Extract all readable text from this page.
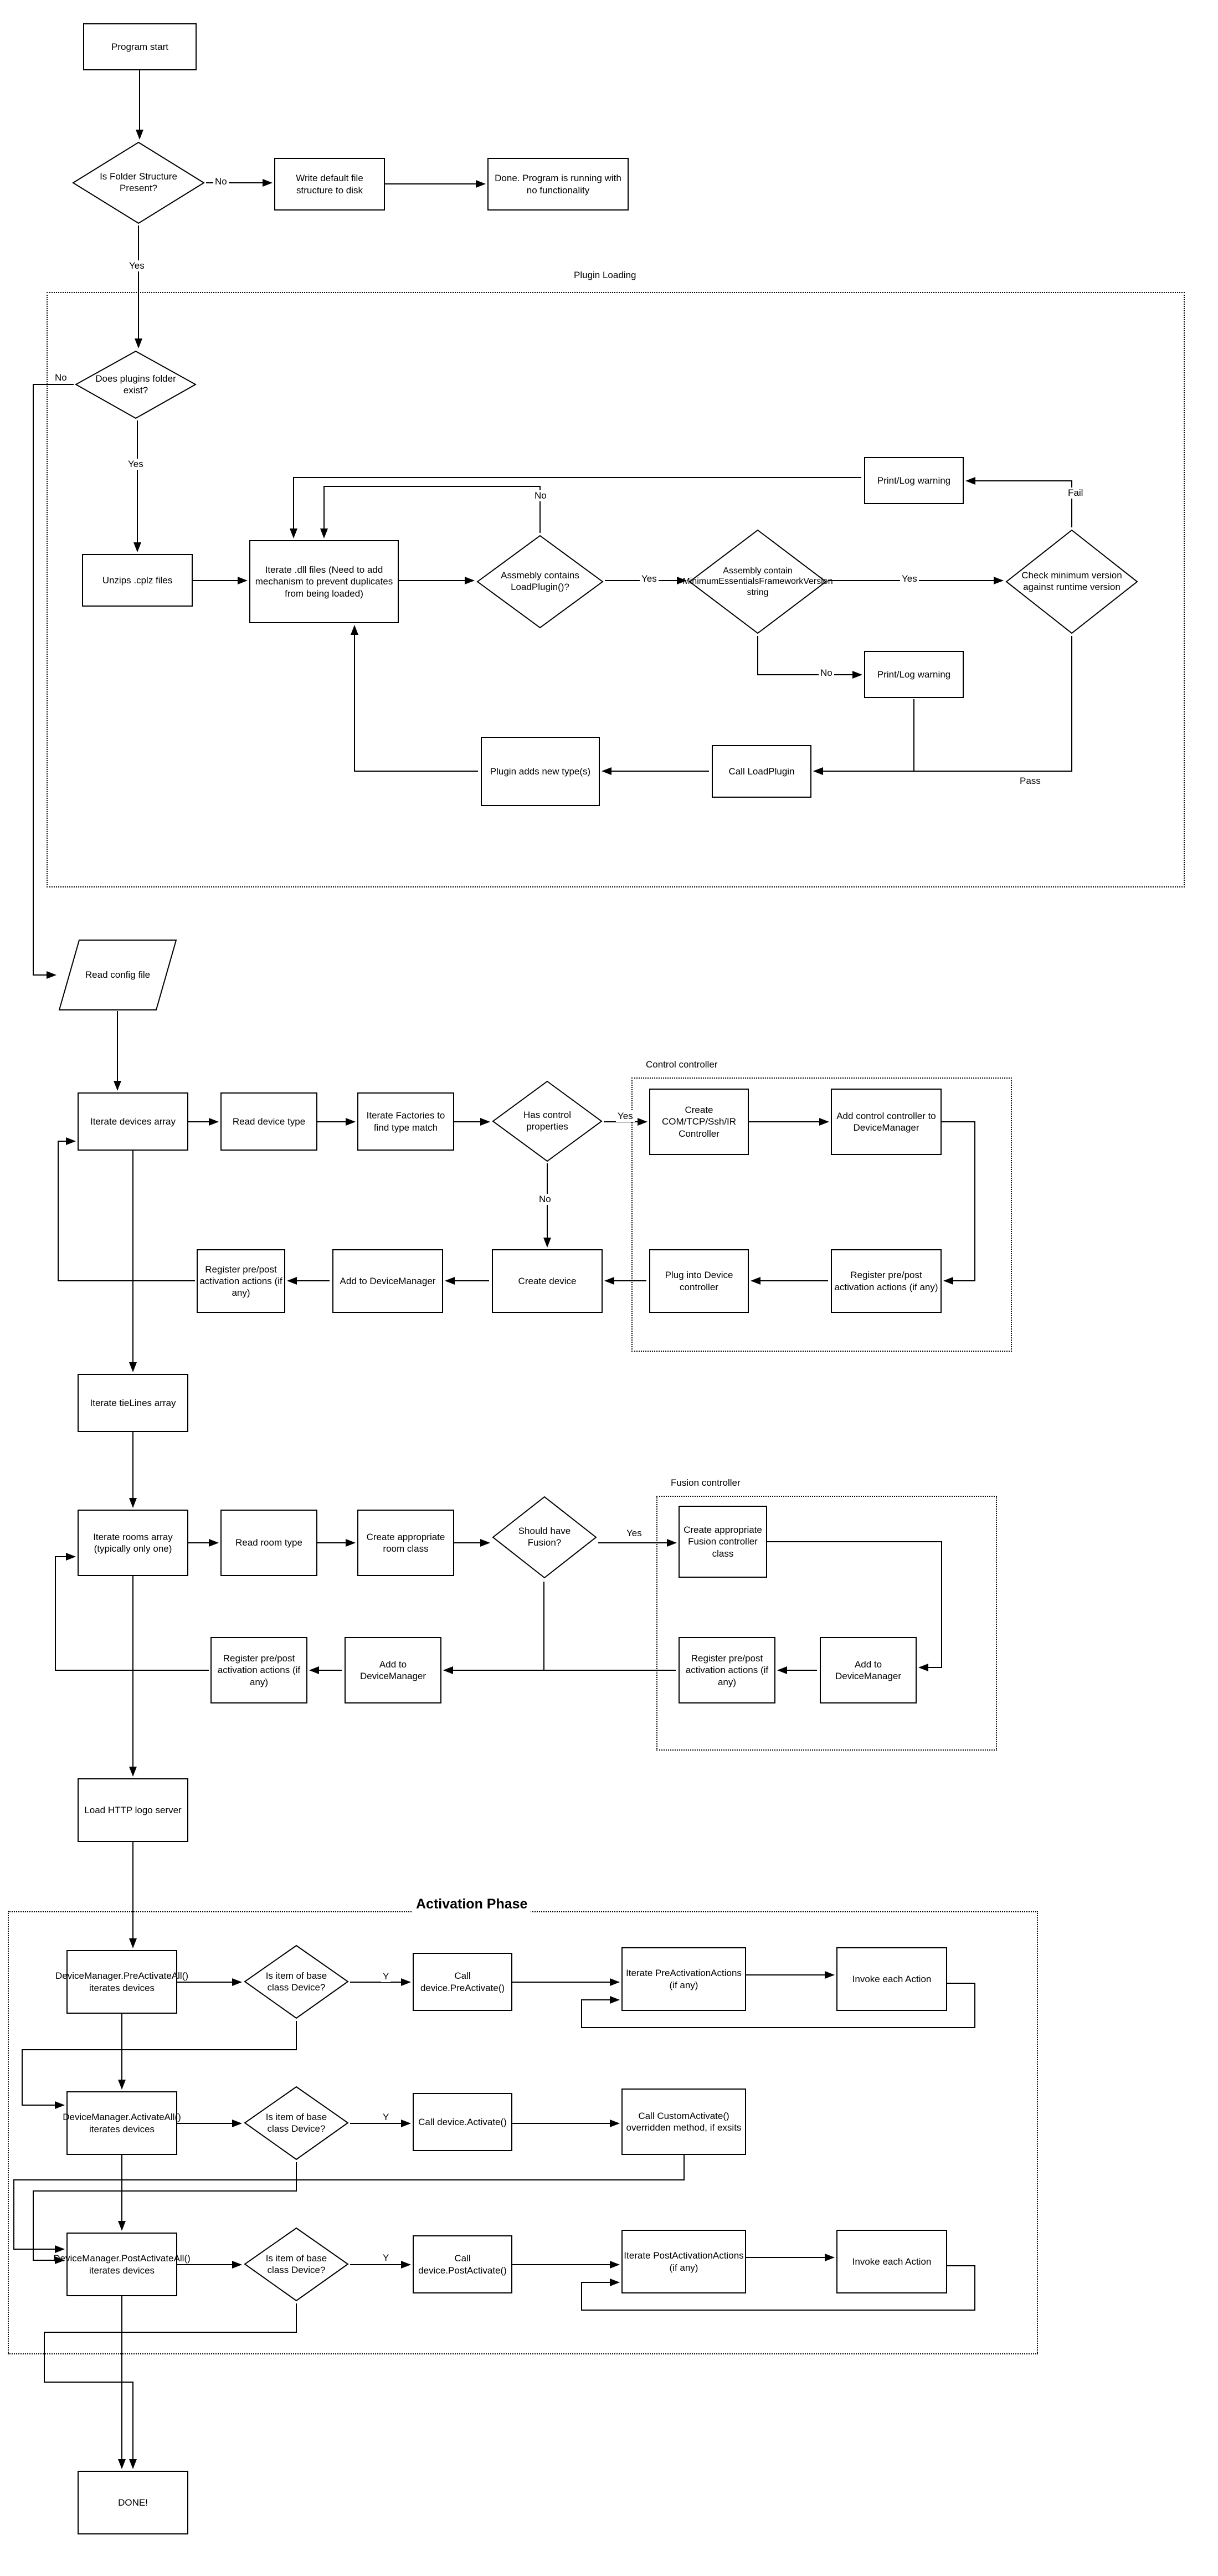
Plugin Loading
Control controller
Fusion controller
Activation Phase
Program start
Write default file structure to disk
Done. Program is running with no functionality
Unzips .cplz files
Iterate .dll files (Need to add mechanism to prevent duplicates from being loaded)
Print/Log warning
Print/Log warning
Call LoadPlugin
Plugin adds new type(s)
Read config file
Iterate devices array	Read device type
Iterate Factories to find type match
Create COM/TCP/Ssh/IR Controller
Add control controller to DeviceManager
Plug into Device controller
Register pre/post activation actions (if any)
Create device
Add to DeviceManager
Register pre/post activation actions (if any)
Iterate tieLines array
Iterate rooms array (typically only one)
Read room type
Create appropriate room class
Create appropriate Fusion controller class
Add to DeviceManager
Register pre/post activation actions (if any)
Add to DeviceManager
Register pre/post activation actions (if any)
Load HTTP logo server
DeviceManager.PreActivateAll() iterates devices
Call device.PreActivate()
Iterate PreActivationActions (if any)
Invoke each Action
DeviceManager.ActivateAll() iterates devices
Call device.Activate()
Call CustomActivate() overridden method, if exsits
DeviceManager.PostActivateAll() iterates devices
Call device.PostActivate()
Iterate PostActivationActions (if any)
Invoke each Action
DONE!
Is Folder Structure Present?
Does plugins folder exist?
Assmebly contains LoadPlugin()?
Assembly contain MinimumEssentialsFrameworkVersion string
Check minimum version against runtime version
Has control properties
Should have Fusion?
Is item of base class Device?
Is item of base class Device?
Is item of base class Device?
No
Yes
No
Yes
No
Yes	Yes
No
Fail
Pass
Yes
No
Yes
Y
Y
Y
